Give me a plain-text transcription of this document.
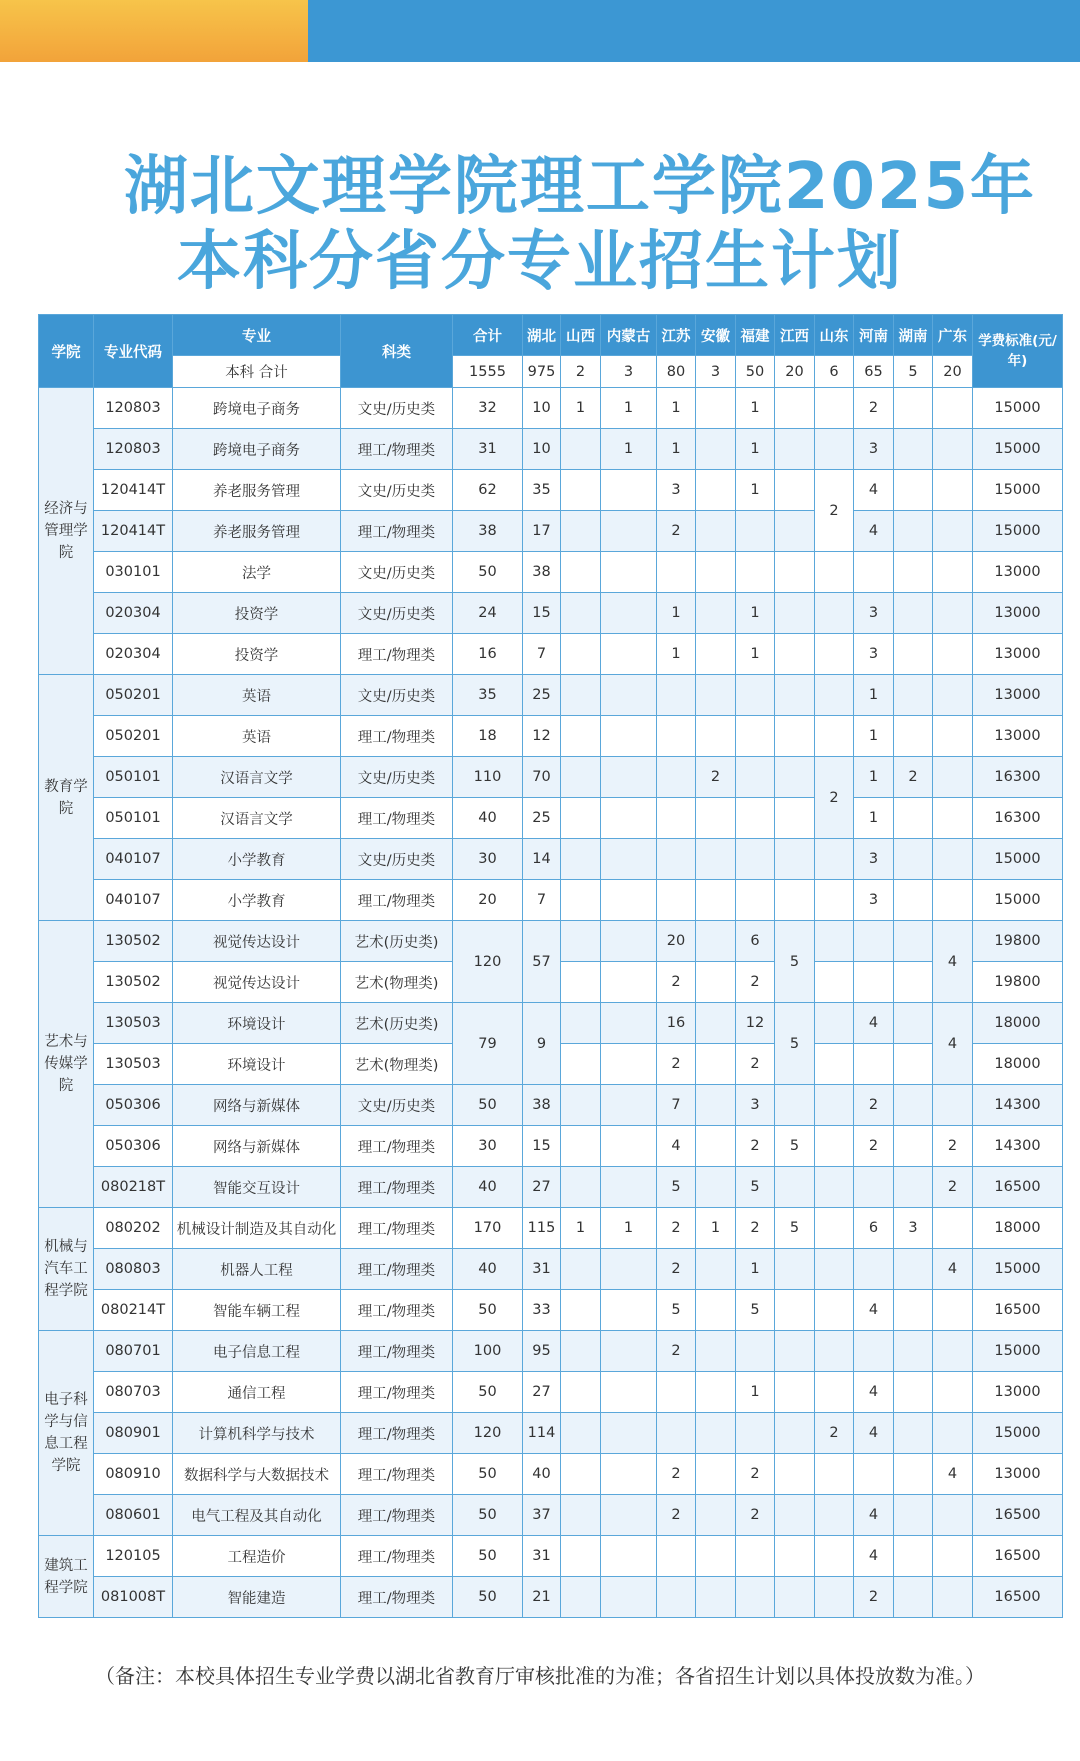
湖北文理学院理工学院2025年
本科分省分专业招生计划
学院	专业代码	专业	科类	合计	湖北	山西	内蒙古	江苏	安徽	福建	江西	山东	河南	湖南	广东	学费标准(元/年)
		本科 合计		1555	975	2	3	80	3	50	20	6	65	5	20	
经济与管理学院	120803	跨境电子商务	文史/历史类	32	10	1	1	1		1			2			15000
	120803	跨境电子商务	理工/物理类	31	10		1	1		1			3			15000
	120414T	养老服务管理	文史/历史类	62	35			3		1		2	4			15000
	120414T	养老服务管理	理工/物理类	38	17			2					4			15000
	030101	法学	文史/历史类	50	38											13000
	020304	投资学	文史/历史类	24	15			1		1			3			13000
	020304	投资学	理工/物理类	16	7			1		1			3			13000
教育学院	050201	英语	文史/历史类	35	25								1			13000
	050201	英语	理工/物理类	18	12								1			13000
	050101	汉语言文学	文史/历史类	110	70				2			2	1	2		16300
	050101	汉语言文学	理工/物理类	40	25								1			16300
	040107	小学教育	文史/历史类	30	14								3			15000
	040107	小学教育	理工/物理类	20	7								3			15000
艺术与传媒学院	130502	视觉传达设计	艺术(历史类)	120	57			20		6	5				4	19800
	130502	视觉传达设计	艺术(物理类)					2		2						19800
	130503	环境设计	艺术(历史类)	79	9			16		12	5		4		4	18000
	130503	环境设计	艺术(物理类)					2		2						18000
	050306	网络与新媒体	文史/历史类	50	38			7		3			2			14300
	050306	网络与新媒体	理工/物理类	30	15			4		2	5		2		2	14300
	080218T	智能交互设计	理工/物理类	40	27			5		5					2	16500
机械与汽车工程学院	080202	机械设计制造及其自动化	理工/物理类	170	115	1	1	2	1	2	5		6	3		18000
	080803	机器人工程	理工/物理类	40	31			2		1					4	15000
	080214T	智能车辆工程	理工/物理类	50	33			5		5			4			16500
电子科学与信息工程学院	080701	电子信息工程	理工/物理类	100	95			2								15000
	080703	通信工程	理工/物理类	50	27					1			4			13000
	080901	计算机科学与技术	理工/物理类	120	114							2	4			15000
	080910	数据科学与大数据技术	理工/物理类	50	40			2		2					4	13000
	080601	电气工程及其自动化	理工/物理类	50	37			2		2			4			16500
建筑工程学院	120105	工程造价	理工/物理类	50	31								4			16500
	081008T	智能建造	理工/物理类	50	21								2			16500
（备注：本校具体招生专业学费以湖北省教育厅审核批准的为准；各省招生计划以具体投放数为准。）
